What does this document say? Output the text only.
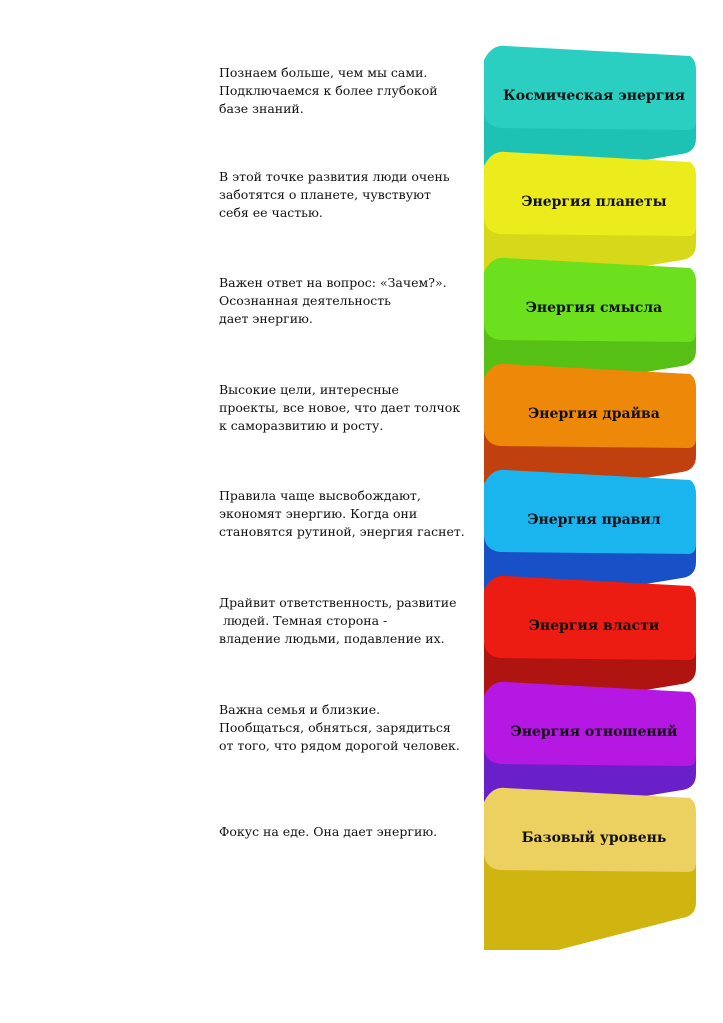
Познаем больше, чем мы сами.
Подключаемся к более глубокой
базе знаний.
В этой точке развития люди очень
заботятся о планете, чувствуют
себя ее частью.
Важен ответ на вопрос: «Зачем?».
Осознанная деятельность
дает энергию.
Высокие цели, интересные
проекты, все новое, что дает толчок
к саморазвитию и росту.
Правила чаще высвобождают,
экономят энергию. Когда они
становятся рутиной, энергия гаснет.
Драйвит ответственность, развитие
людей. Темная сторона -
владение людьми, подавление их.
Важна семья и близкие.
Пообщаться, обняться, зарядиться
от того, что рядом дорогой человек.
Фокус на еде. Она дает энергию.
Космическая энергия
Энергия планеты
Энергия смысла
Энергия драйва
Энергия правил
Энергия власти
Энергия отношений
Базовый уровень
